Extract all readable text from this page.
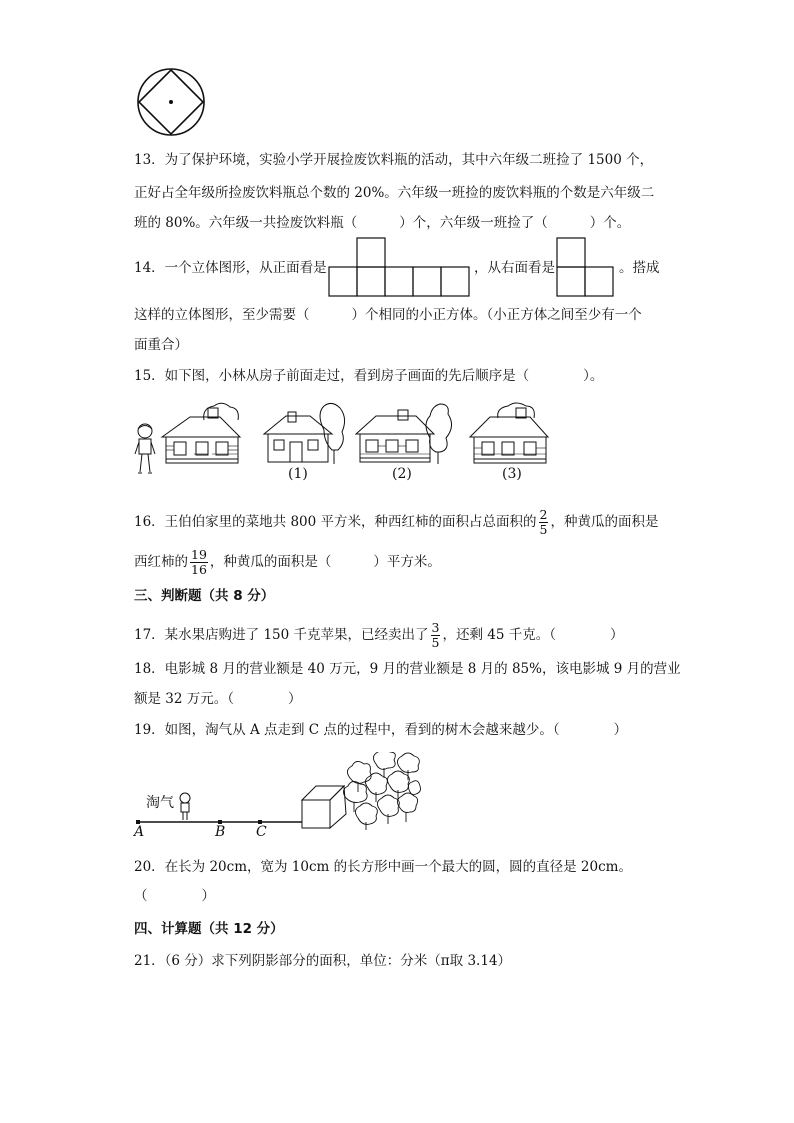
13．为了保护环境，实验小学开展捡废饮料瓶的活动，其中六年级二班捡了 1500 个，
正好占全年级所捡废饮料瓶总个数的 20%。六年级一班捡的废饮料瓶的个数是六年级二
班的 80%。六年级一共捡废饮料瓶（	）个，六年级一班捡了（	）个。
14．一个立体图形，从正面看是	，从右面看是	。搭成
这样的立体图形，至少需要（	）个相同的小正方体。（小正方体之间至少有一个
面重合）
15．如下图，小林从房子前面走过，看到房子画面的先后顺序是（　　　　）。
(1)	(2)	(3)
16．王伯伯家里的菜地共 800 平方米，种西红柿的面积占总面积的 $\frac{2}{5}$ ，种黄瓜的面积是
西红柿的 $\frac{19}{16}$ ，种黄瓜的面积是（	）平方米。
三、判断题（共 8 分）
17．某水果店购进了 150 千克苹果，已经卖出了 $\frac{3}{5}$ ，还剩 45 千克。（　　　　）
18．电影城 8 月的营业额是 40 万元，9 月的营业额是 8 月的 85%，该电影城 9 月的营业
额是 32 万元。（　　　　）
19．如图，淘气从 A 点走到 C 点的过程中，看到的树木会越来越少。（　　　　）
淘气
A	B C
20．在长为 20cm，宽为 10cm 的长方形中画一个最大的圆，圆的直径是 20cm。
（　　　　）
四、计算题（共 12 分）
21．（6 分）求下列阴影部分的面积，单位：分米（π取 3.14）
